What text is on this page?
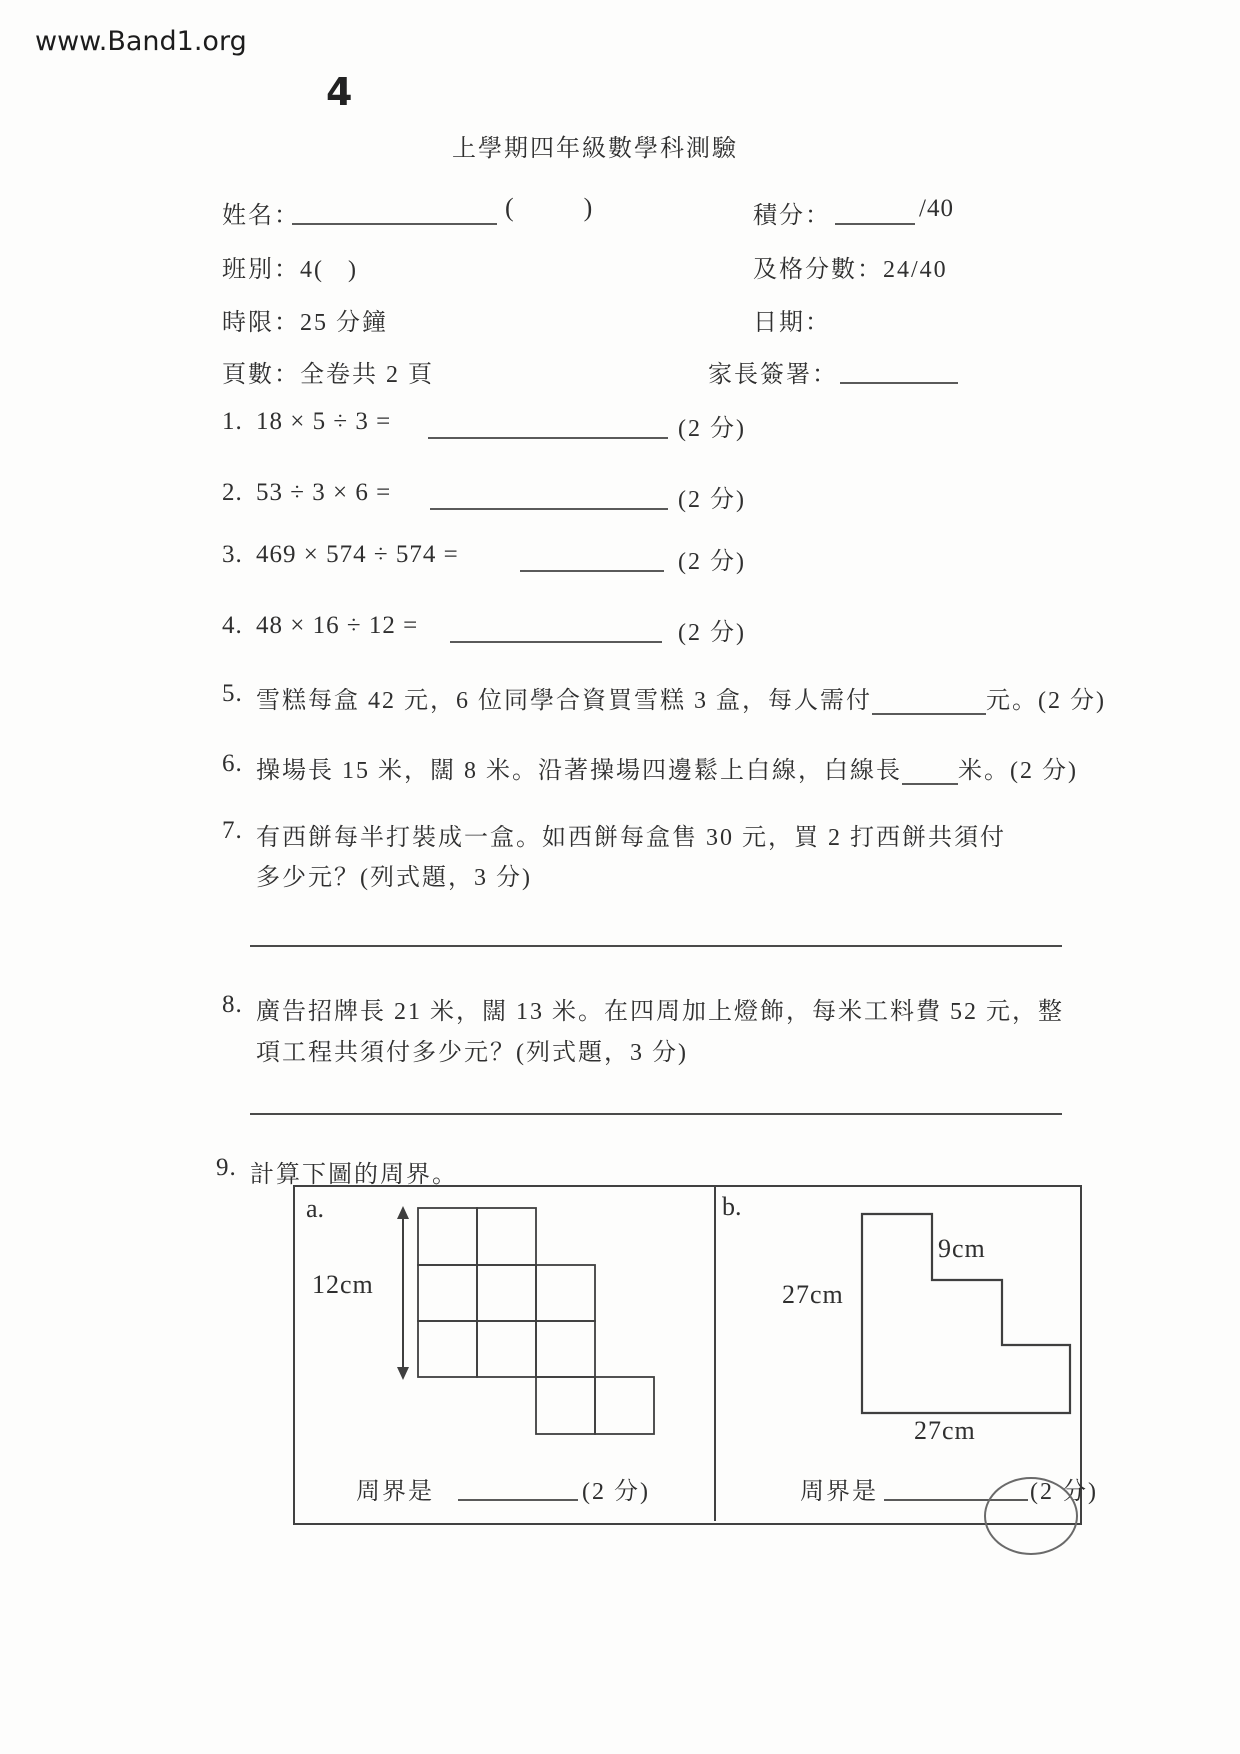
www.Band1.org
4
上學期四年級數學科測驗
姓名：	(        )	積分：	/40
班別：4(   )	及格分數：24/40
時限：25 分鐘	日期：
頁數：全卷共 2 頁	家長簽署：
1. 18 × 5 ÷ 3 =	(2 分)
2. 53 ÷ 3 × 6 =	(2 分)
3. 469 × 574 ÷ 574 =	(2 分)
4. 48 × 16 ÷ 12 =	(2 分)
5. 雪糕每盒 42 元，6 位同學合資買雪糕 3 盒，每人需付	元。(2 分)
6. 操場長 15 米，闊 8 米。沿著操場四邊鬆上白線，白線長 米。(2 分)
7. 有西餅每半打裝成一盒。如西餅每盒售 30 元，買 2 打西餅共須付
多少元？(列式題，3 分)
8. 廣告招牌長 21 米，闊 13 米。在四周加上燈飾，每米工料費 52 元，整
項工程共須付多少元？(列式題，3 分)
9. 計算下圖的周界。
a.	b.
12cm
9cm
27cm
27cm
周界是	(2 分)	周界是	(2 分)
